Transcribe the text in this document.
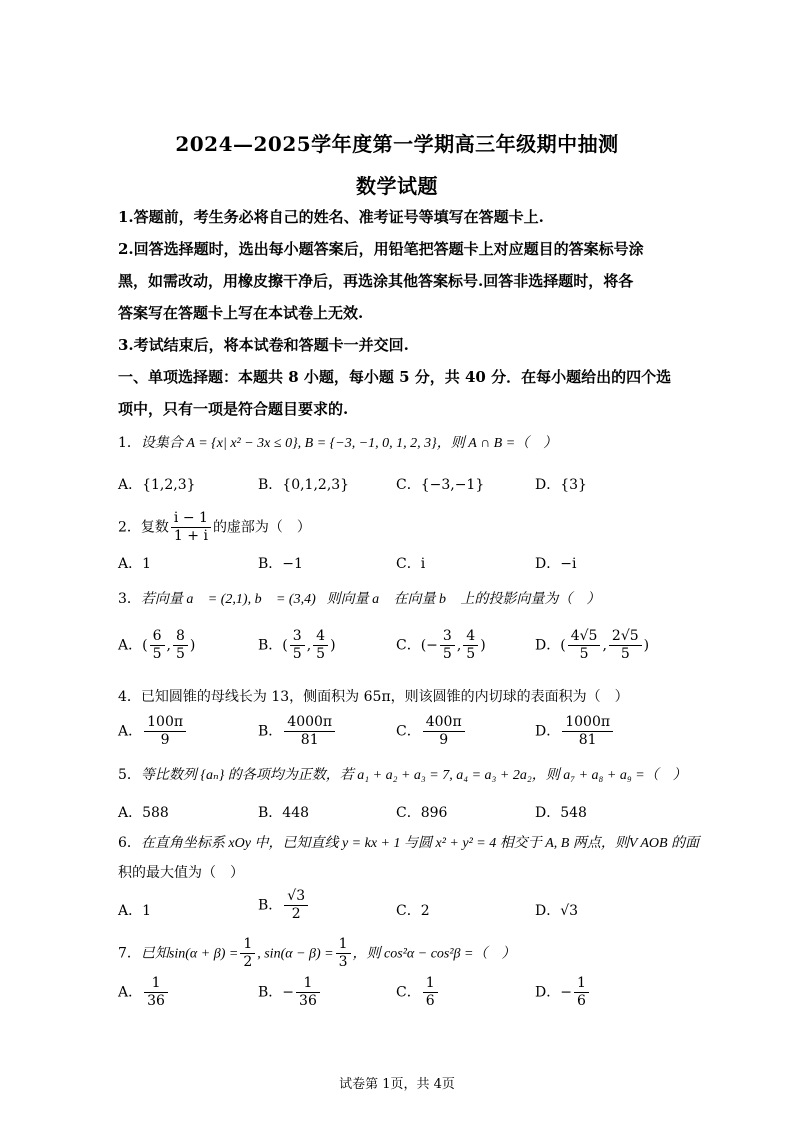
2024—2025学年度第一学期高三年级期中抽测
数学试题
1.答题前，考生务必将自己的姓名、准考证号等填写在答题卡上.
2.回答选择题时，选出每小题答案后，用铅笔把答题卡上对应题目的答案标号涂
黑，如需改动，用橡皮擦干净后，再选涂其他答案标号.回答非选择题时，将各
答案写在答题卡上写在本试卷上无效.
3.考试结束后，将本试卷和答题卡一并交回.
一、单项选择题：本题共 8 小题，每小题 5 分，共 40 分．在每小题给出的四个选
项中，只有一项是符合题目要求的.
1．设集合 A = {x| x² − 3x ≤ 0}, B = {−3, −1, 0, 1, 2, 3}，则 A ∩ B =（　）
A．{1,2,3}	B．{0,1,2,3}	C．{−3,−1}	D．{3}
2．复数 $\frac{i - 1}{1 + i}$ 的虚部为（　）
A．1	B．−1	C．i	D．−i
3．若向量 a⃗ = (2,1), b⃗ = (3,4)，则向量 a⃗ 在向量 b⃗ 上的投影向量为（　）
A．( $\frac{6}{5}$ , $\frac{8}{5}$ )	B．( $\frac{3}{5}$ , $\frac{4}{5}$ )	C．(− $\frac{3}{5}$ , $\frac{4}{5}$ )	D．( $\frac{4√5}{5}$ , $\frac{2√5}{5}$ )
4．已知圆锥的母线长为 13，侧面积为 65π，则该圆锥的内切球的表面积为（　）
A． $\frac{100\pi}{9}$	B． $\frac{4000\pi}{81}$	C． $\frac{400\pi}{9}$	D． $\frac{1000\pi}{81}$
5．等比数列 {aₙ} 的各项均为正数，若 a₁ + a₂ + a₃ = 7, a₄ = a₃ + 2a₂，则 a₇ + a₈ + a₉ =（　）
A．588	B．448	C．896	D．548
6．在直角坐标系 xOy 中，已知直线 y = kx + 1 与圆 x² + y² = 4 相交于 A, B 两点，则V AOB 的面
积的最大值为（　）
A．1	B． $\frac{√3}{2}$	C．2	D．√3
7．已知$\sin(\alpha + \beta) = \frac{1}{2}$ , $\sin(\alpha - \beta) = \frac{1}{3}$ ，则 cos²α − cos²β =（　）
A． $\frac{1}{36}$	B．− $\frac{1}{36}$	C． $\frac{1}{6}$	D．− $\frac{1}{6}$
试卷第 1页，共 4页
